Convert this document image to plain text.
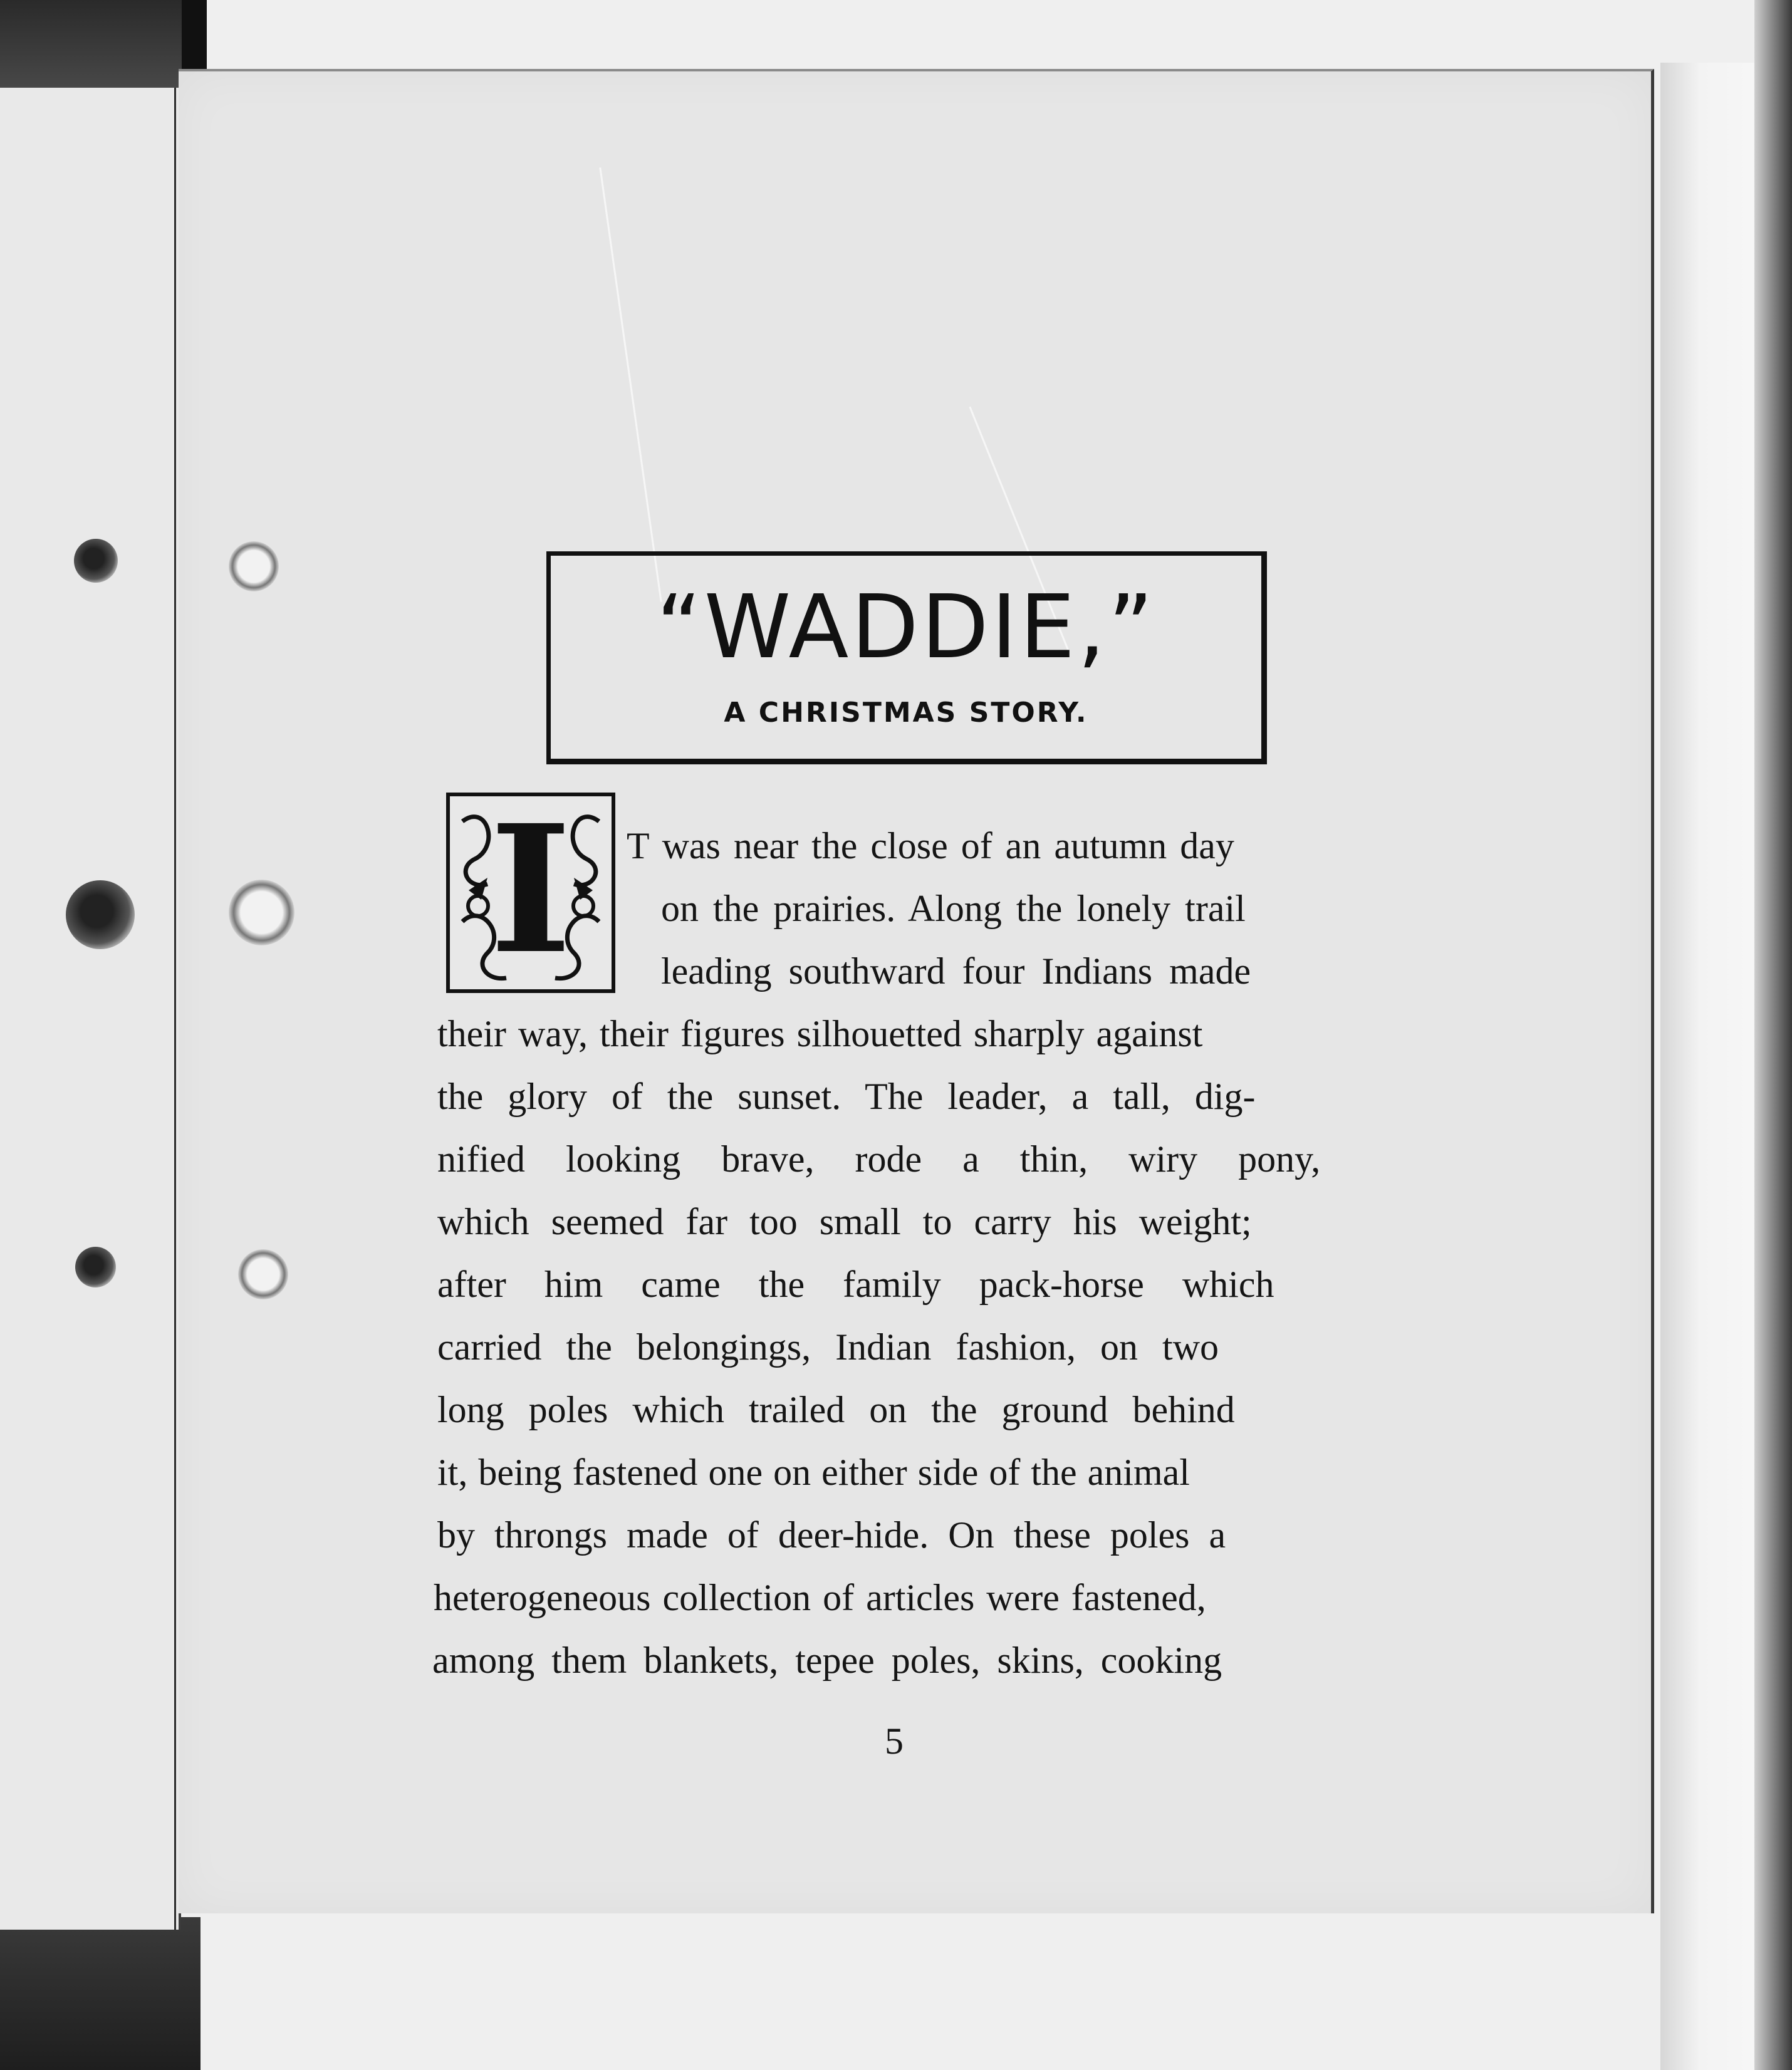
“WADDIE,”
A CHRISTMAS STORY.
I	T was near the close of an autumn day
on the prairies. Along the lonely trail
leading southward four Indians made
their way, their figures silhouetted sharply against
the glory of the sunset. The leader, a tall, dig-
nified looking brave, rode a thin, wiry pony,
which seemed far too small to carry his weight;
after him came the family pack-horse which
carried the belongings, Indian fashion, on two
long poles which trailed on the ground behind
it, being fastened one on either side of the animal
by throngs made of deer-hide. On these poles a
heterogeneous collection of articles were fastened,
among them blankets, tepee poles, skins, cooking
5
